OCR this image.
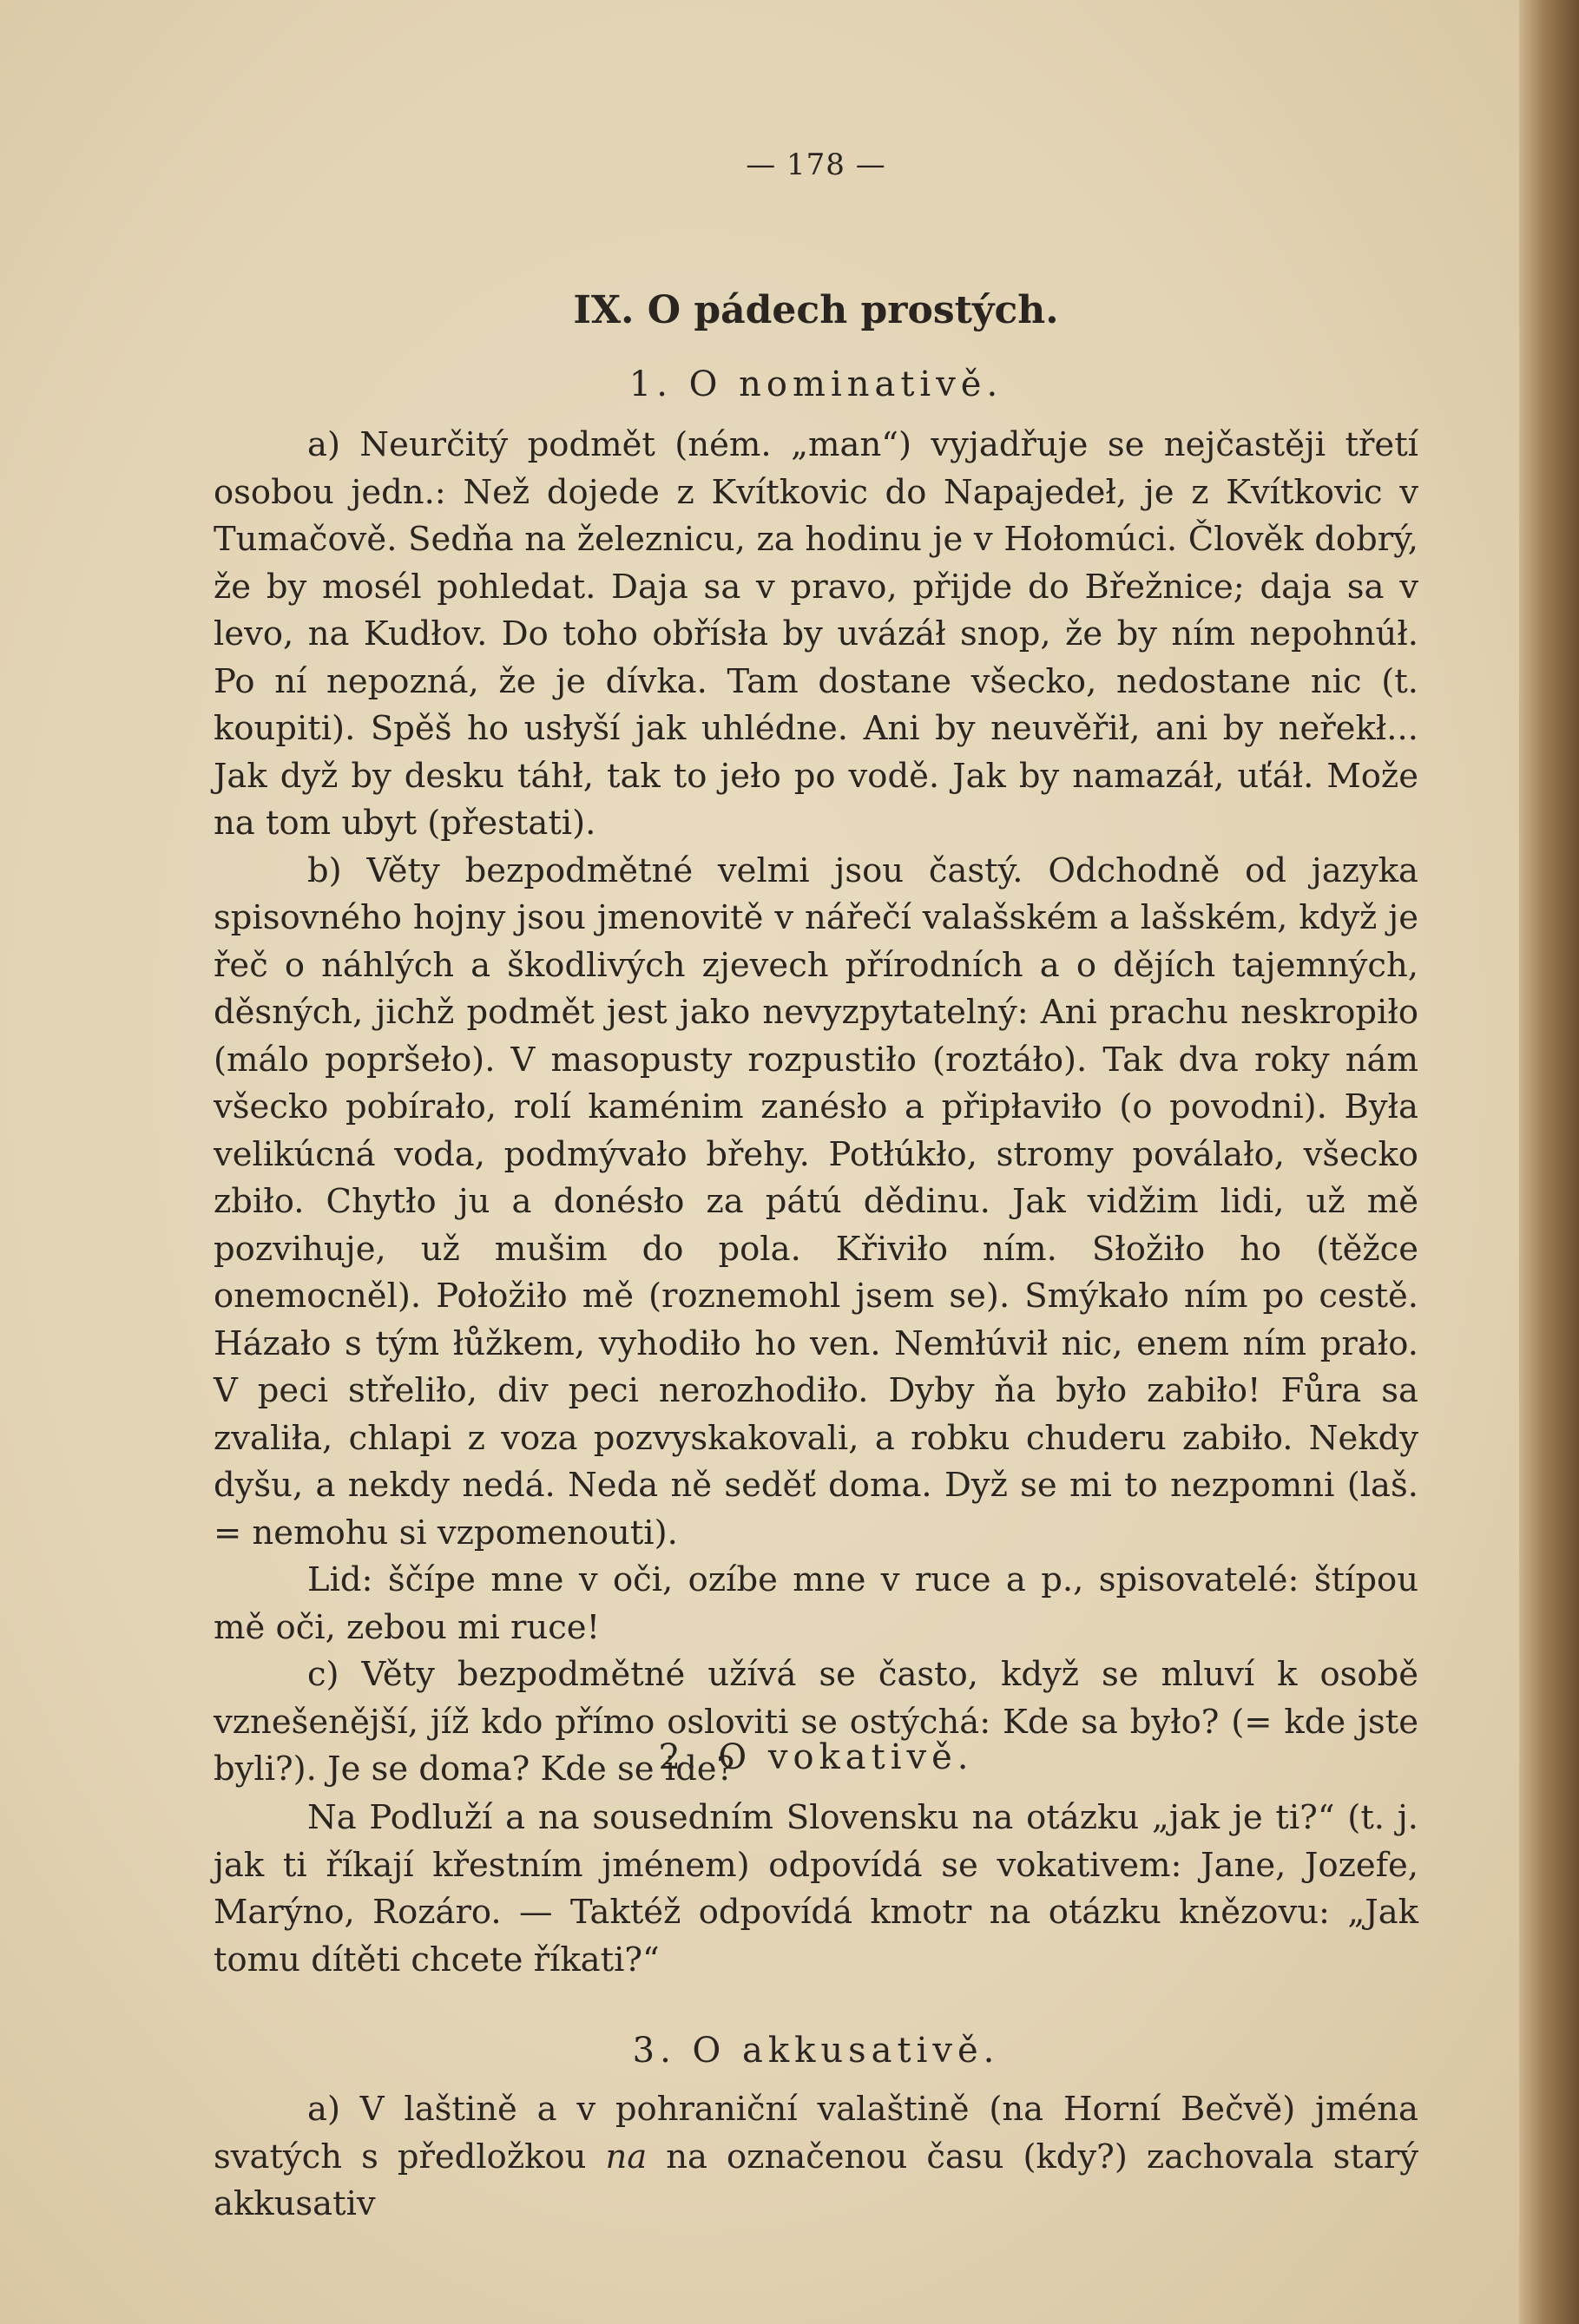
— 178 —
IX. O pádech prostých.
1. O nominativě.

a) Neurčitý podmět (ném. „man“) vyjadřuje se nejčastěji třetí osobou jedn.: Než dojede z Kvítkovic do Napajedeł, je z Kvítkovic v Tumačově. Sedňa na železnicu, za hodinu je v Hołomúci. Člověk dobrý, že by mosél pohledat. Daja sa v pravo, přijde do Břežnice; daja sa v levo, na Kudłov. Do toho obřísła by uvázáł snop, že by ním nepohnúł. Po ní nepozná, že je dívka. Tam dostane všecko, nedostane nic (t. koupiti). Spěš ho usłyší jak uhlédne. Ani by neuvěřił, ani by neřekł... Jak dyž by desku táhł, tak to jeło po vodě. Jak by namazáł, uťáł. Može na tom ubyt (přestati).

b) Věty bezpodmětné velmi jsou častý. Odchodně od jazyka spisovného hojny jsou jmenovitě v nářečí valašském a lašském, když je řeč o náhlých a škodlivých zjevech přírodních a o dějích tajemných, děsných, jichž podmět jest jako nevyzpytatelný: Ani prachu neskropiło (málo popršeło). V masopusty rozpustiło (roztáło). Tak dva roky nám všecko pobírało, rolí kaménim zanésło a připłaviło (o povodni). Była velikúcná voda, podmývało břehy. Potłúkło, stromy poválało, všecko zbiło. Chytło ju a donésło za pátú dědinu. Jak vidžim lidi, už mě pozvihuje, už mušim do pola. Křiviło ním. Słožiło ho (těžce onemocněl). Połožiło mě (roznemohl jsem se). Smýkało ním po cestě. Házało s tým łůžkem, vyhodiło ho ven. Nemłúvił nic, enem ním prało. V peci střeliło, div peci nerozhodiło. Dyby ňa było zabiło! Fůra sa zvaliła, chlapi z voza pozvyskakovali, a robku chuderu zabiło. Nekdy dyšu, a nekdy nedá. Neda ně seděť doma. Dyž se mi to nezpomni (laš. = nemohu si vzpomenouti).

Lid: ščípe mne v oči, ozíbe mne v ruce a p., spisovatelé: štípou mě oči, zebou mi ruce!

c) Věty bezpodmětné užívá se často, když se mluví k osobě vznešenější, jíž kdo přímo osloviti se ostýchá: Kde sa było? (= kde jste byli?). Je se doma? Kde se ide?

2. O vokativě.

Na Podluží a na sousedním Slovensku na otázku „jak je ti?“ (t. j. jak ti říkají křestním jménem) odpovídá se vokativem: Jane, Jozefe, Marýno, Rozáro. — Taktéž odpovídá kmotr na otázku knězovu: „Jak tomu dítěti chcete říkati?“

3. O akkusativě.

a) V laštině a v pohraniční valaštině (na Horní Bečvě) jména svatých s předložkou na na označenou času (kdy?) zachovala starý akkusativ
